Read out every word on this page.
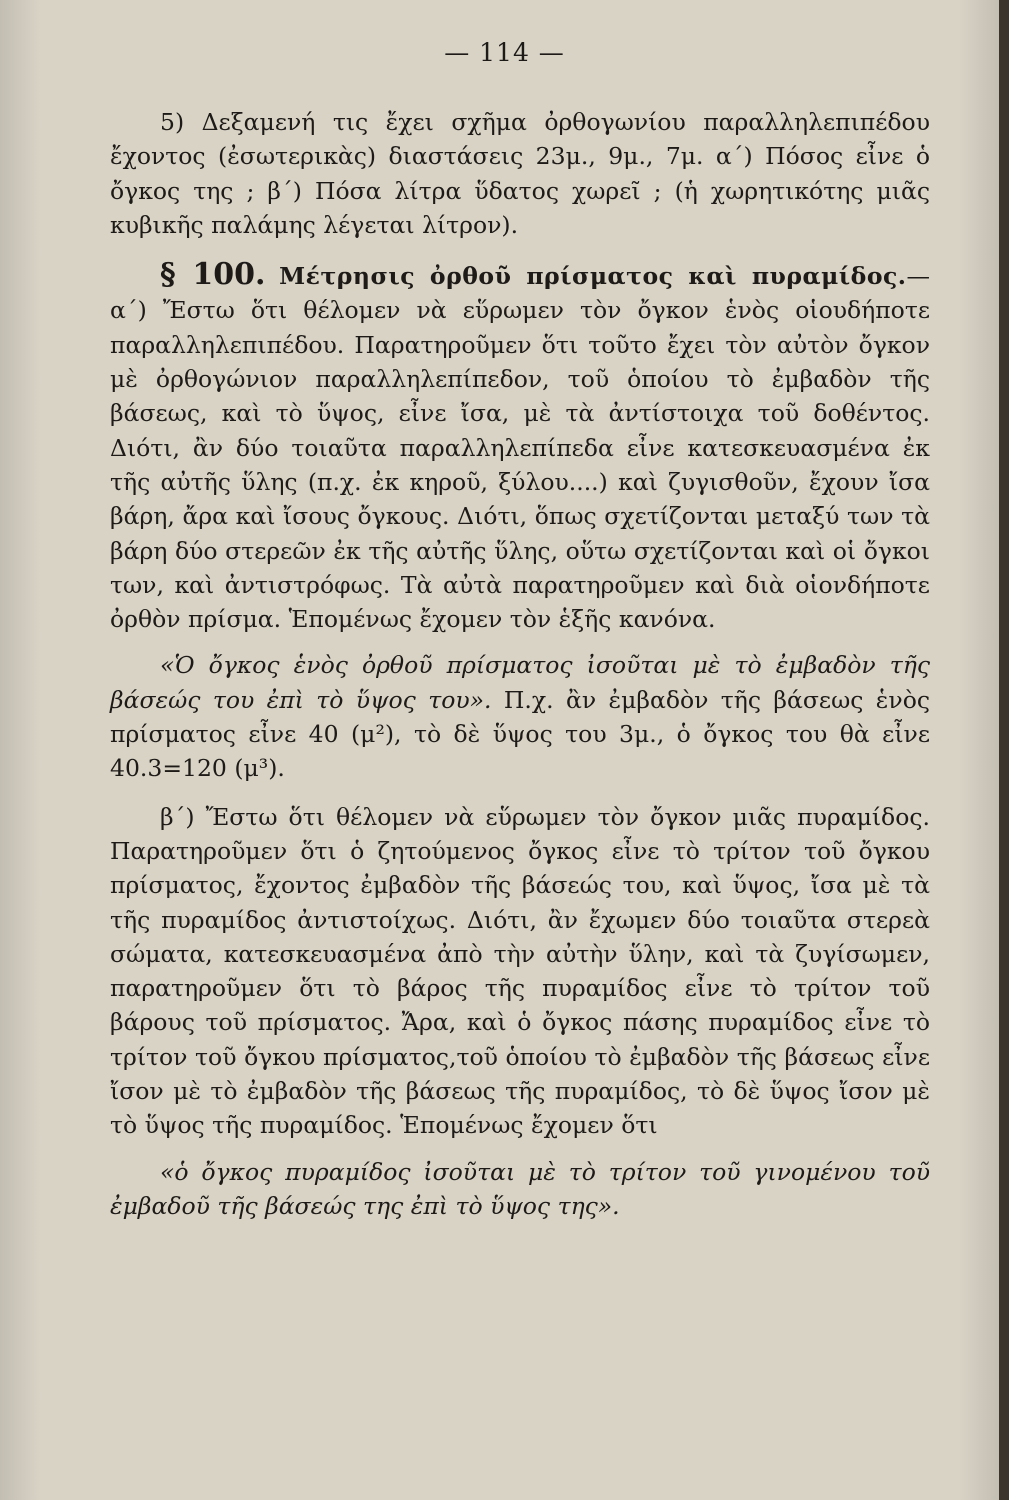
— 114 —

5) Δεξαμενή τις ἔχει σχῆμα ὀρθογωνίου παραλληλεπιπέδου ἔχοντος (ἐσωτερικὰς) διαστάσεις 23μ., 9μ., 7μ. α΄) Πόσος εἶνε ὁ ὄγκος της ; β΄) Πόσα λίτρα ὕδατος χωρεῖ ; (ἡ χωρητικότης μιᾶς κυβικῆς παλάμης λέγεται λίτρον).

§ 100. Μέτρησις ὀρθοῦ πρίσματος καὶ πυραμίδος.— α΄) Ἔστω ὅτι θέλομεν νὰ εὕρωμεν τὸν ὄγκον ἑνὸς οἱουδήποτε παραλληλεπιπέδου. Παρατηροῦμεν ὅτι τοῦτο ἔχει τὸν αὐτὸν ὄγκον μὲ ὀρθογώνιον παραλληλεπίπεδον, τοῦ ὁποίου τὸ ἐμβαδὸν τῆς βάσεως, καὶ τὸ ὕψος, εἶνε ἴσα, μὲ τὰ ἀντίστοιχα τοῦ δοθέντος. Διότι, ἂν δύο τοιαῦτα παραλληλεπίπεδα εἶνε κατεσκευασμένα ἐκ τῆς αὐτῆς ὕλης (π.χ. ἐκ κηροῦ, ξύλου....) καὶ ζυγισθοῦν, ἔχουν ἴσα βάρη, ἄρα καὶ ἴσους ὄγκους. Διότι, ὅπως σχετίζονται μεταξύ των τὰ βάρη δύο στερεῶν ἐκ τῆς αὐτῆς ὕλης, οὕτω σχετίζονται καὶ οἱ ὄγκοι των, καὶ ἀντιστρόφως. Τὰ αὐτὰ παρατηροῦμεν καὶ διὰ οἱονδήποτε ὀρθὸν πρίσμα. Ἑπομένως ἔχομεν τὸν ἑξῆς κανόνα.

«Ὁ ὄγκος ἑνὸς ὀρθοῦ πρίσματος ἰσοῦται μὲ τὸ ἐμβαδὸν τῆς βάσεώς του ἐπὶ τὸ ὕψος του». Π.χ. ἂν ἐμβαδὸν τῆς βάσεως ἑνὸς πρίσματος εἶνε 40 (μ²), τὸ δὲ ὕψος του 3μ., ὁ ὄγκος του θὰ εἶνε 40.3=120 (μ³).

β΄) Ἔστω ὅτι θέλομεν νὰ εὕρωμεν τὸν ὄγκον μιᾶς πυραμίδος. Παρατηροῦμεν ὅτι ὁ ζητούμενος ὄγκος εἶνε τὸ τρίτον τοῦ ὄγκου πρίσματος, ἔχοντος ἐμβαδὸν τῆς βάσεώς του, καὶ ὕψος, ἴσα μὲ τὰ τῆς πυραμίδος ἀντιστοίχως. Διότι, ἂν ἔχωμεν δύο τοιαῦτα στερεὰ σώματα, κατεσκευασμένα ἀπὸ τὴν αὐτὴν ὕλην, καὶ τὰ ζυγίσωμεν, παρατηροῦμεν ὅτι τὸ βάρος τῆς πυραμίδος εἶνε τὸ τρίτον τοῦ βάρους τοῦ πρίσματος. Ἄρα, καὶ ὁ ὄγκος πάσης πυραμίδος εἶνε τὸ τρίτον τοῦ ὄγκου πρίσματος,τοῦ ὁποίου τὸ ἐμβαδὸν τῆς βάσεως εἶνε ἴσον μὲ τὸ ἐμβαδὸν τῆς βάσεως τῆς πυραμίδος, τὸ δὲ ὕψος ἴσον μὲ τὸ ὕψος τῆς πυραμίδος. Ἑπομένως ἔχομεν ὅτι

«ὁ ὄγκος πυραμίδος ἰσοῦται μὲ τὸ τρίτον τοῦ γινομένου τοῦ ἐμβαδοῦ τῆς βάσεώς της ἐπὶ τὸ ὕψος της».
